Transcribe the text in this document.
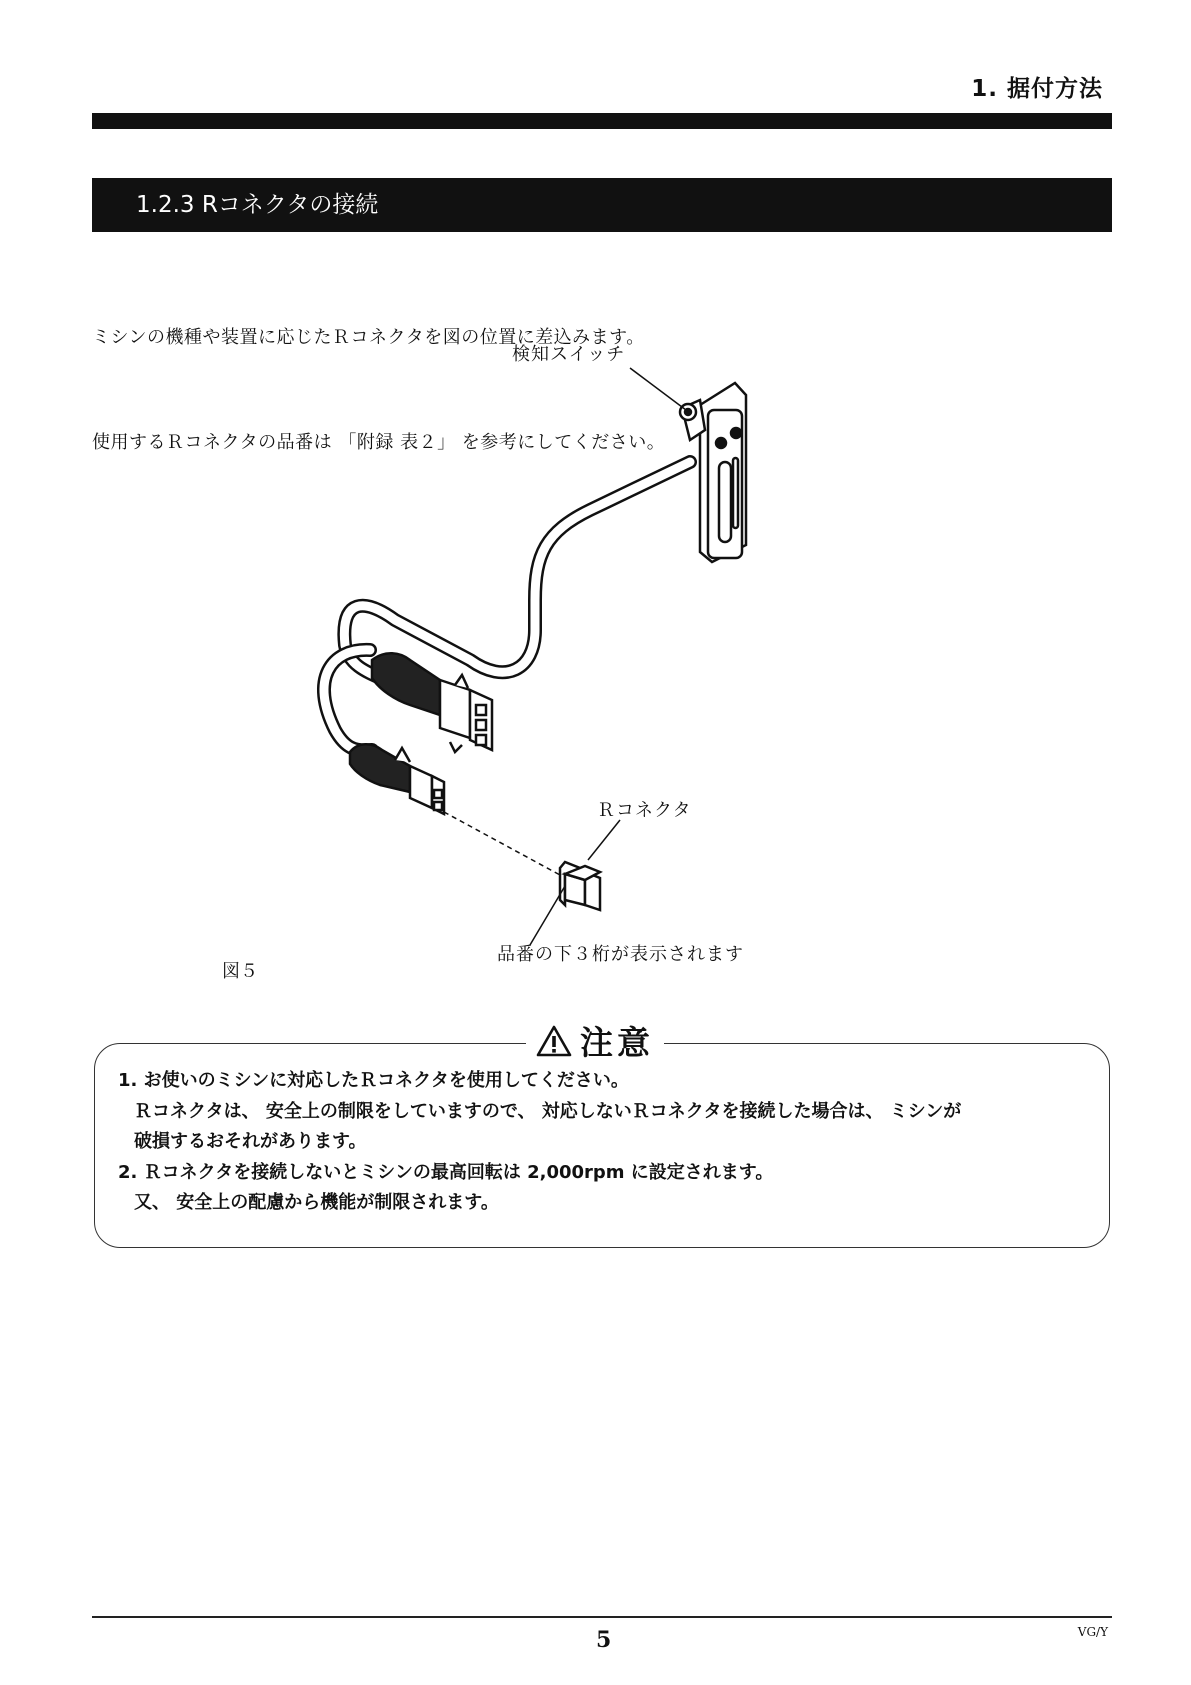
1. 据付方法
1.2.3 Rコネクタの接続

ミシンの機種や装置に応じたＲコネクタを図の位置に差込みます。

使用するＲコネクタの品番は 「附録 表２」 を参考にしてください。

検知スイッチ
Ｒコネクタ
品番の下３桁が表示されます
図５
注意
1. お使いのミシンに対応したＲコネクタを使用してください。
Ｒコネクタは、 安全上の制限をしていますので、 対応しないＲコネクタを接続した場合は、 ミシンが
破損するおそれがあります。
2. Ｒコネクタを接続しないとミシンの最高回転は 2,000rpm に設定されます。
又、 安全上の配慮から機能が制限されます。
5	VG/Y
